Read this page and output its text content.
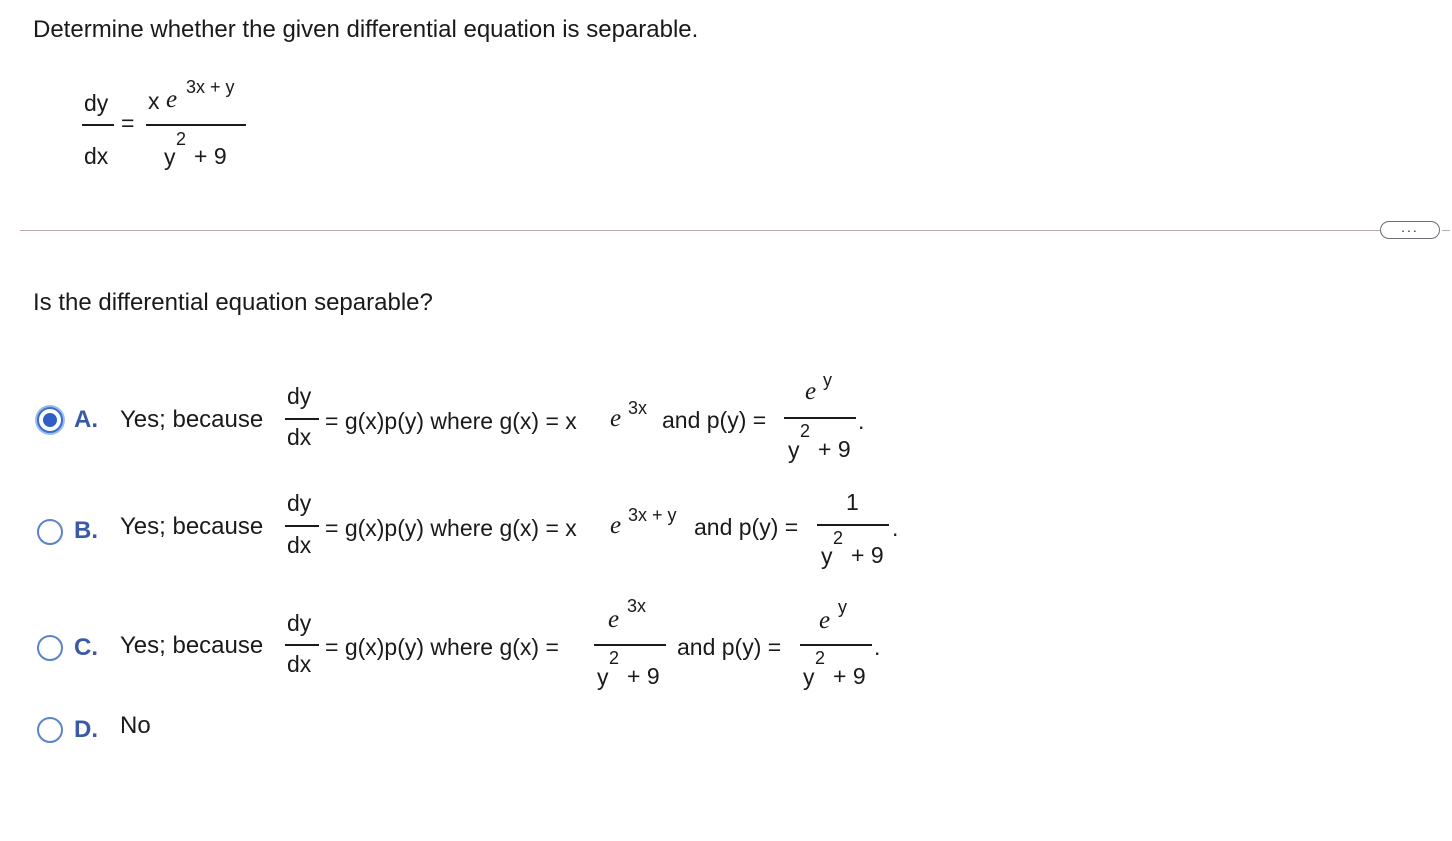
Determine whether the given differential equation is separable.
dy
dx
=
x e 3x + y
y
2
+ 9
...
Is the differential equation separable?
A. Yes; because
dy
dx
= g(x)p(y) where g(x) = x e 3x and p(y) =
e y
y
2
+ 9
.
B. Yes; because
dy
dx
= g(x)p(y) where g(x) = x e 3x + y and p(y) =
1
y
2
+ 9
.
C. Yes; because
dy
dx
= g(x)p(y) where g(x) =
e 3x
y
2
+ 9
and p(y) =
e y
y
2
+ 9
.
D. No
